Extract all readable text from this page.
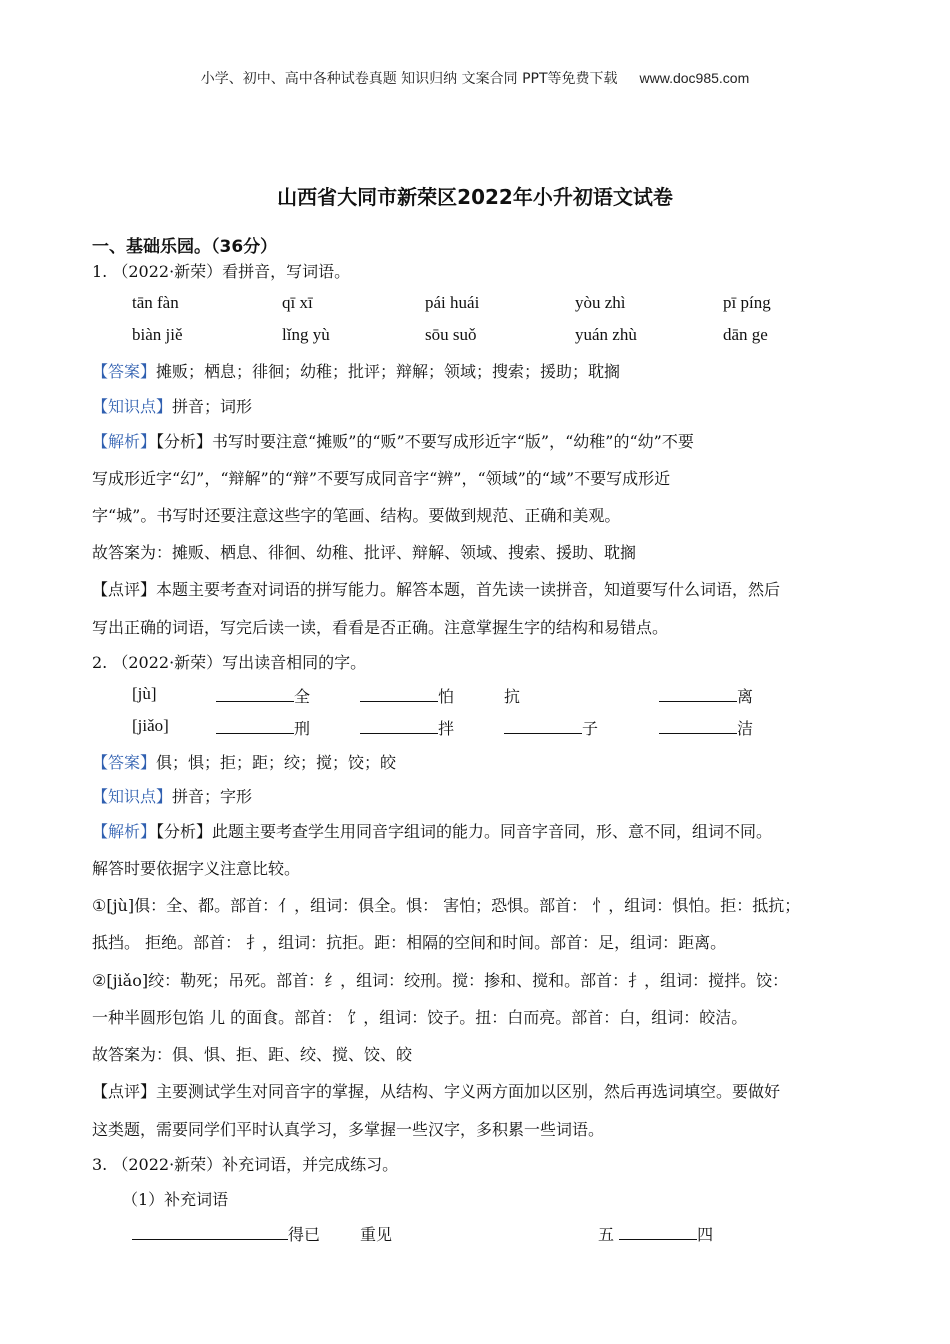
小学、初中、高中各种试卷真题 知识归纳 文案合同 PPT等免费下载 www.doc985.com
山西省大同市新荣区2022年小升初语文试卷
一、基础乐园。（36分）
1. （2022·新荣）看拼音，写词语。
tān fàn	qī xī	pái huái	yòu zhì	pī píng
biàn jiě	lǐng yù	sōu suǒ	yuán zhù	dān ge
【答案】摊贩；栖息；徘徊；幼稚；批评；辩解；领域；搜索；援助；耽搁
【知识点】拼音；词形
【解析】【分析】书写时要注意“摊贩”的“贩”不要写成形近字“版”，“幼稚”的“幼”不要
写成形近字“幻”，“辩解”的“辩”不要写成同音字“辨”，“领域”的“域”不要写成形近
字“城”。书写时还要注意这些字的笔画、结构。要做到规范、正确和美观。
故答案为：摊贩、栖息、徘徊、幼稚、批评、辩解、领域、搜索、援助、耽搁
【点评】本题主要考查对词语的拼写能力。解答本题，首先读一读拼音，知道要写什么词语，然后
写出正确的词语，写完后读一读，看看是否正确。注意掌握生字的结构和易错点。
2. （2022·新荣）写出读音相同的字。
[jù]	全	怕	抗	离
[jiǎo]	刑	拌	子	洁
【答案】俱；惧；拒；距；绞；搅；饺；皎
【知识点】拼音；字形
【解析】【分析】此题主要考查学生用同音字组词的能力。同音字音同，形、意不同，组词不同。
解答时要依据字义注意比较。
①[jù]俱：全、都。部首：亻，组词：俱全。惧： 害怕；恐惧。部首： 忄，组词：惧怕。拒：抵抗；
抵挡。 拒绝。部首： 扌，组词：抗拒。距：相隔的空间和时间。部首：足，组词：距离。
②[jiǎo]绞：勒死；吊死。部首：纟，组词：绞刑。搅：掺和、搅和。部首：扌，组词：搅拌。饺：
一种半圆形包馅 儿 的面食。部首： 饣，组词：饺子。扭：白而亮。部首：白，组词：皎洁。
故答案为：俱、惧、拒、距、绞、搅、饺、皎
【点评】主要测试学生对同音字的掌握，从结构、字义两方面加以区别，然后再选词填空。要做好
这类题，需要同学们平时认真学习，多掌握一些汉字，多积累一些词语。
3. （2022·新荣）补充词语，并完成练习。
（1）补充词语
得已 重见	五	四
